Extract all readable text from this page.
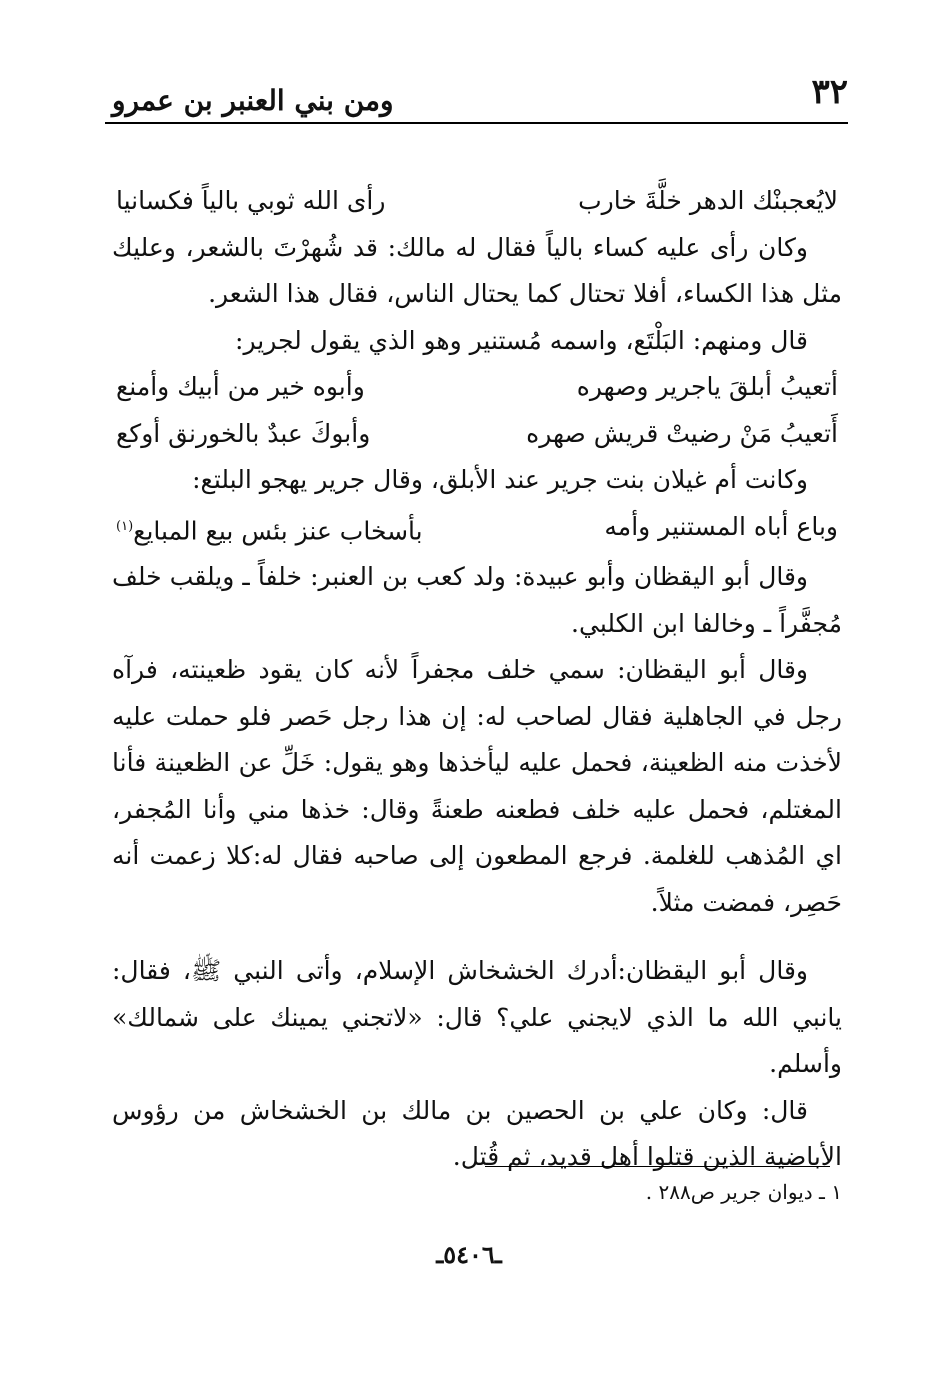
٣٢
ومن بني العنبر بن عمرو
لايُعجبنْك الدهر خلَّةَ خارب
رأى الله ثوبي بالياً فكسانيا

وكان رأى عليه كساء بالياً فقال له مالك: قد شُهرْتَ بالشعر، وعليك مثل هذا الكساء، أفلا تحتال كما يحتال الناس، فقال هذا الشعر.

قال ومنهم: البَلْتَع، واسمه مُستنير وهو الذي يقول لجرير:

أتعيبُ أبلقَ ياجرير وصهره
وأبوه خير من أبيك وأمنع
أَتعيبُ مَنْ رضيتْ قريش صهره
وأبوكَ عبدٌ بالخورنق أوكع

وكانت أم غيلان بنت جرير عند الأبلق، وقال جرير يهجو البلتع:

وباع أباه المستنير وأمه
بأسخاب عنز بئس بيع المبايع$^{(١)}$

وقال أبو اليقظان وأبو عبيدة: ولد كعب بن العنبر: خلفاً ـ ويلقب خلف مُجفَّراً ـ وخالفا ابن الكلبي.

وقال أبو اليقظان: سمي خلف مجفراً لأنه كان يقود ظعينته، فرآه رجل في الجاهلية فقال لصاحب له: إن هذا رجل حَصر فلو حملت عليه لأخذت منه الظعينة، فحمل عليه ليأخذها وهو يقول: خَلِّ عن الظعينة فأنا المغتلم، فحمل عليه خلف فطعنه طعنةً وقال: خذها مني وأنا المُجفر، اي المُذهب للغلمة. فرجع المطعون إلى صاحبه فقال له:كلا زعمت أنه حَصِر، فمضت مثلاً.

وقال أبو اليقظان:أدرك الخشخاش الإسلام، وأتى النبي ﷺ، فقال: يانبي الله ما الذي لايجني علي؟ قال: «لاتجني يمينك على شمالك» وأسلم.

قال: وكان علي بن الحصين بن مالك بن الخشخاش من رؤوس الأباضية الذين قتلوا أهل قديد، ثم قُتل.

١ ـ ديوان جرير ص٢٨٨ .
ـ٥٤٠٦ـ
